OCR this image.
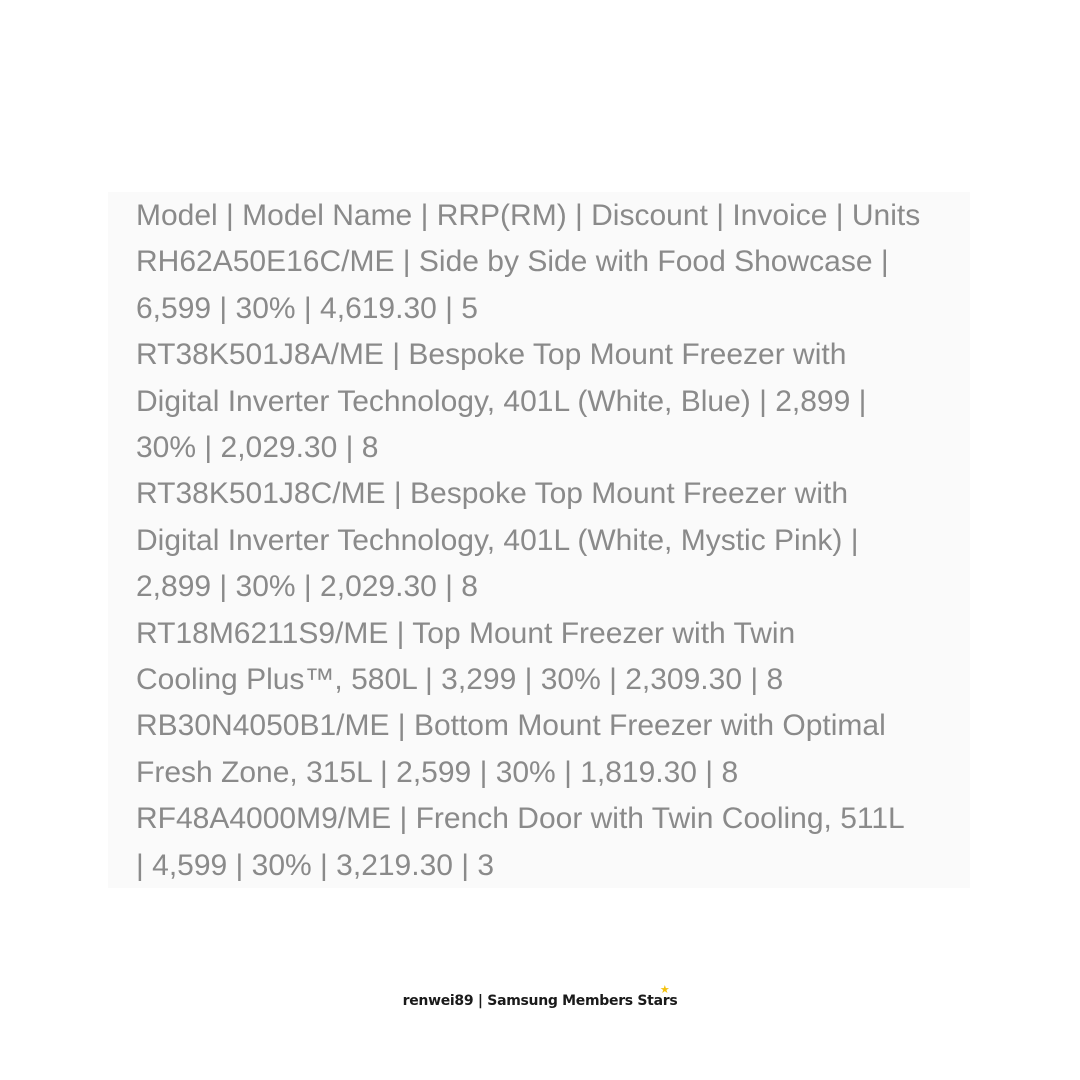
Model | Model Name | RRP(RM) | Discount | Invoice | Units
RH62A50E16C/ME | Side by Side with Food Showcase |
6,599 | 30% | 4,619.30 | 5
RT38K501J8A/ME | Bespoke Top Mount Freezer with
Digital Inverter Technology, 401L (White, Blue) | 2,899 |
30% | 2,029.30 | 8
RT38K501J8C/ME | Bespoke Top Mount Freezer with
Digital Inverter Technology, 401L (White, Mystic Pink) |
2,899 | 30% | 2,029.30 | 8
RT18M6211S9/ME | Top Mount Freezer with Twin
Cooling Plus™, 580L | 3,299 | 30% | 2,309.30 | 8
RB30N4050B1/ME | Bottom Mount Freezer with Optimal
Fresh Zone, 315L | 2,599 | 30% | 1,819.30 | 8
RF48A4000M9/ME | French Door with Twin Cooling, 511L
| 4,599 | 30% | 3,219.30 | 3
renwei89 | Samsung Members Stars
★
